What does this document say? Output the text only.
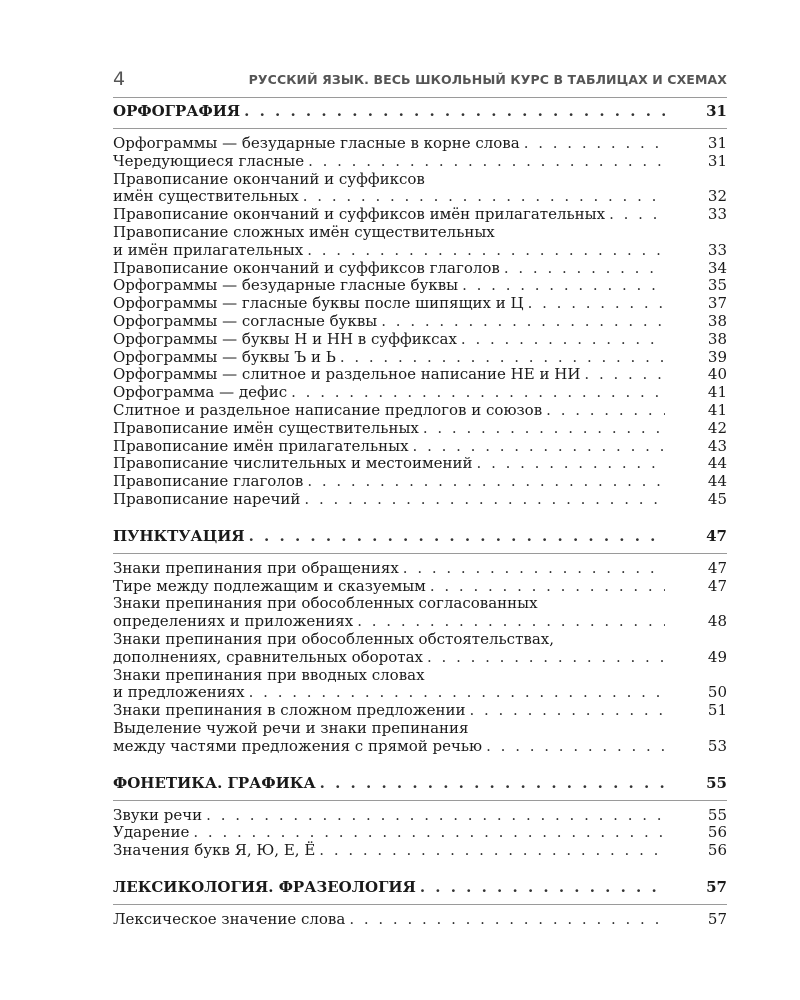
4	РУССКИЙ ЯЗЫК. ВЕСЬ ШКОЛЬНЫЙ КУРС В ТАБЛИЦАХ И СХЕМАХ
ОРФОГРАФИЯ . . .	31
Орфограммы — безударные гласные в корне слова . . .	31
Чередующиеся гласные . . .	31
Правописание окончаний и суффиксов
имён существительных . . .	32
Правописание окончаний и суффиксов имён прилагательных . . .	33
Правописание сложных имён существительных
и имён прилагательных . . .	33
Правописание окончаний и суффиксов глаголов . . .	34
Орфограммы — безударные гласные буквы . . .	35
Орфограммы — гласные буквы после шипящих и Ц . . .	37
Орфограммы — согласные буквы . . .	38
Орфограммы — буквы Н и НН в суффиксах . . .	38
Орфограммы — буквы Ъ и Ь . . .	39
Орфограммы — слитное и раздельное написание НЕ и НИ . . .	40
Орфограмма — дефис . . .	41
Слитное и раздельное написание предлогов и союзов . . .	41
Правописание имён существительных . . .	42
Правописание имён прилагательных . . .	43
Правописание числительных и местоимений . . .	44
Правописание глаголов . . .	44
Правописание наречий . . .	45
ПУНКТУАЦИЯ . . .	47
Знаки препинания при обращениях . . .	47
Тире между подлежащим и сказуемым . . .	47
Знаки препинания при обособленных согласованных
определениях и приложениях . . .	48
Знаки препинания при обособленных обстоятельствах,
дополнениях, сравнительных оборотах . . .	49
Знаки препинания при вводных словах
и предложениях . . .	50
Знаки препинания в сложном предложении . . .	51
Выделение чужой речи и знаки препинания
между частями предложения с прямой речью . . .	53
ФОНЕТИКА. ГРАФИКА . . .	55
Звуки речи . . .	55
Ударение . . .	56
Значения букв Я, Ю, Е, Ё . . .	56
ЛЕКСИКОЛОГИЯ. ФРАЗЕОЛОГИЯ . . .	57
Лексическое значение слова . . .	57
